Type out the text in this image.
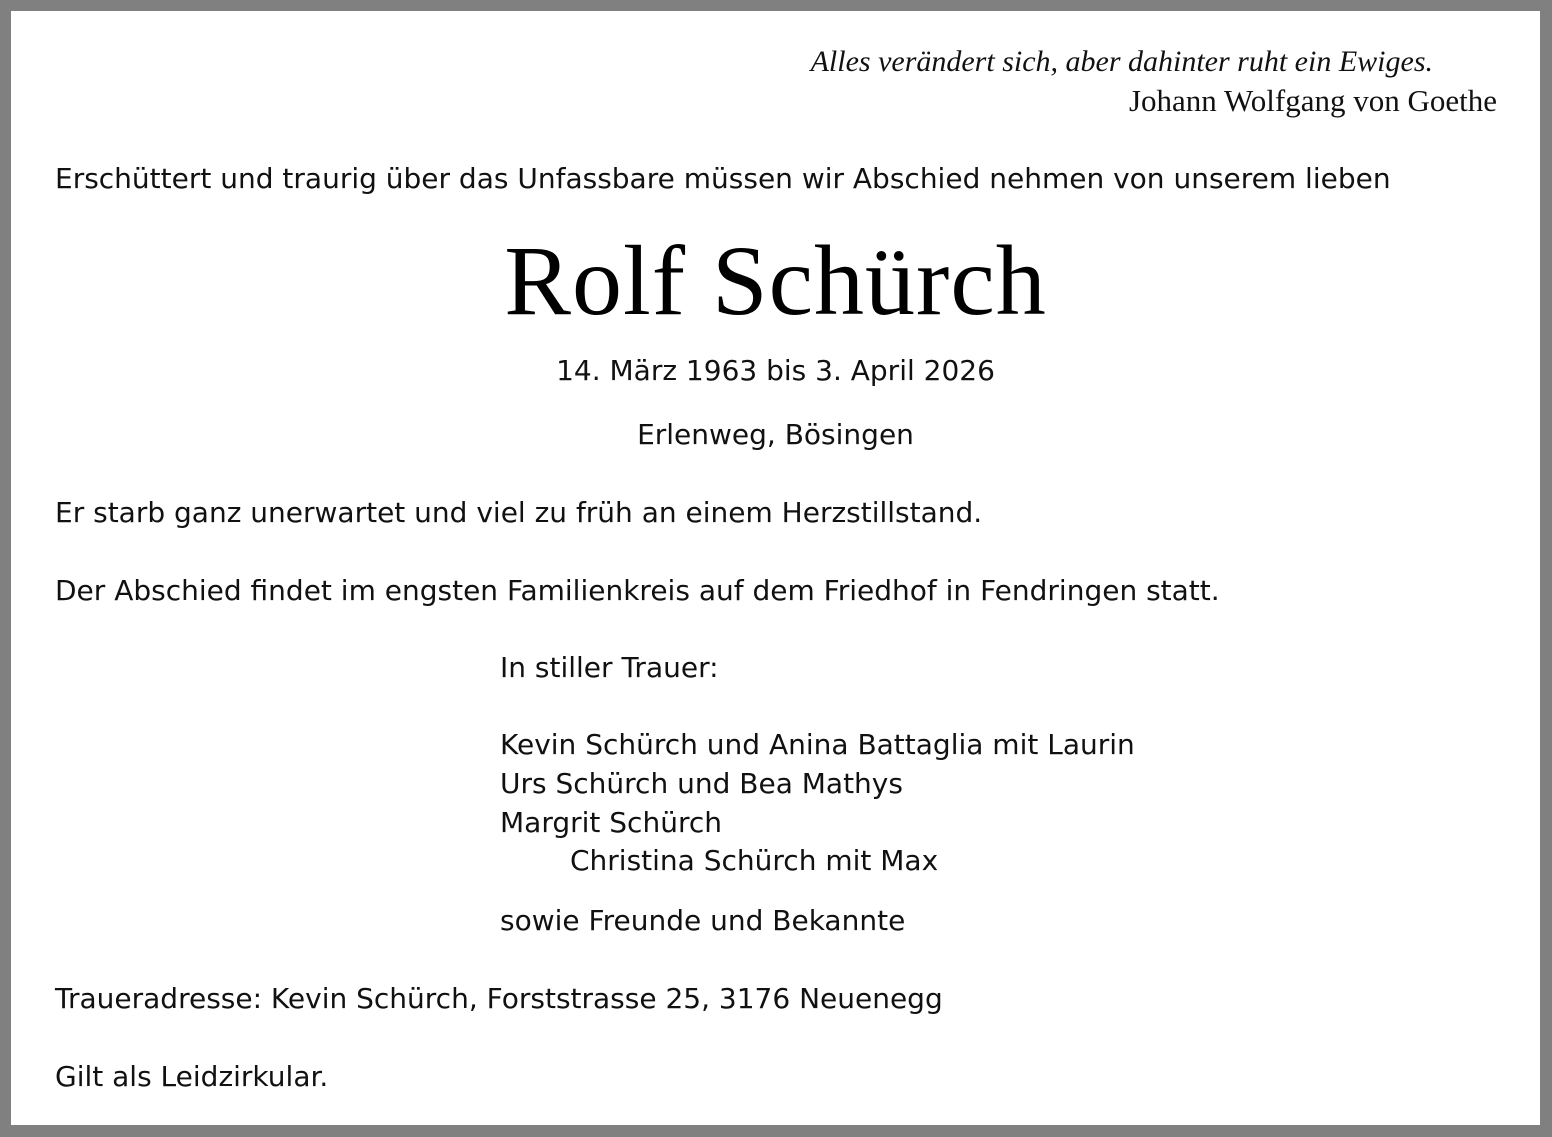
Alles verändert sich, aber dahinter ruht ein Ewiges.
Johann Wolfgang von Goethe
Erschüttert und traurig über das Unfassbare müssen wir Abschied nehmen von unserem lieben
Rolf Schürch
14. März 1963 bis 3. April 2026
Erlenweg, Bösingen
Er starb ganz unerwartet und viel zu früh an einem Herzstillstand.
Der Abschied findet im engsten Familienkreis auf dem Friedhof in Fendringen statt.
In stiller Trauer:
Kevin Schürch und Anina Battaglia mit Laurin
Urs Schürch und Bea Mathys
Margrit Schürch
Christina Schürch mit Max
sowie Freunde und Bekannte
Traueradresse: Kevin Schürch, Forststrasse 25, 3176 Neuenegg
Gilt als Leidzirkular.
